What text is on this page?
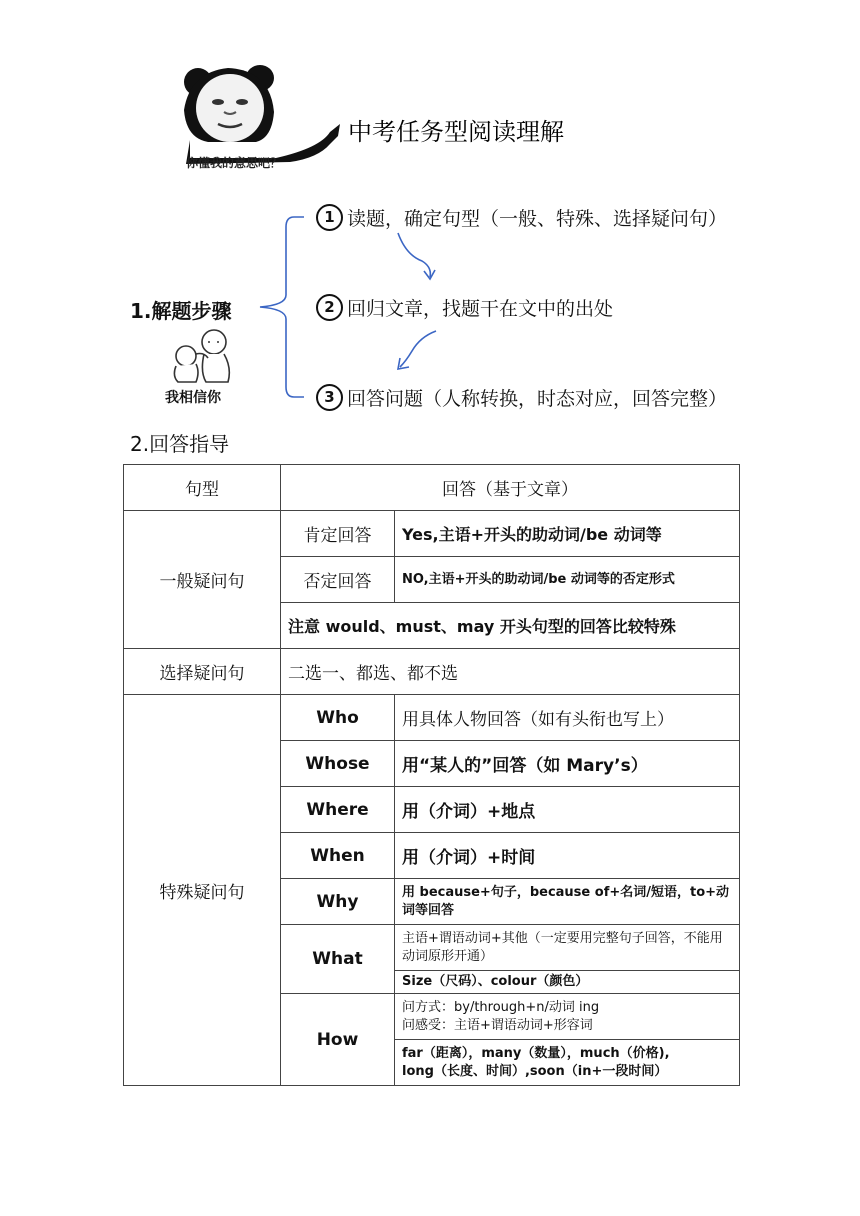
你懂我的意思吧？
中考任务型阅读理解
1.解题步骤
1 读题，确定句型（一般、特殊、选择疑问句）
2 回归文章，找题干在文中的出处
3 回答问题（人称转换，时态对应，回答完整）
我相信你
2.回答指导
句型	回答（基于文章）	
一般疑问句	肯定回答	Yes,主语+开头的助动词/be 动词等
	否定回答	NO,主语+开头的助动词/be 动词等的否定形式
	注意 would、must、may 开头句型的回答比较特殊	
选择疑问句	二选一、都选、都不选	
特殊疑问句	Who	用具体人物回答（如有头衔也写上）
	Whose	用“某人的”回答（如 Mary’s）
	Where	用（介词）+地点
	When	用（介词）+时间
	Why	用 because+句子，because of+名词/短语，to+动词等回答
	What	主语+谓语动词+其他（一定要用完整句子回答，不能用动词原形开通）
		Size（尺码）、colour（颜色）
	How	问方式：by/through+n/动词 ing
问感受：主语+谓语动词+形容词

		far（距离），many（数量），much（价格),
long（长度、时间）,soon（in+一段时间）
